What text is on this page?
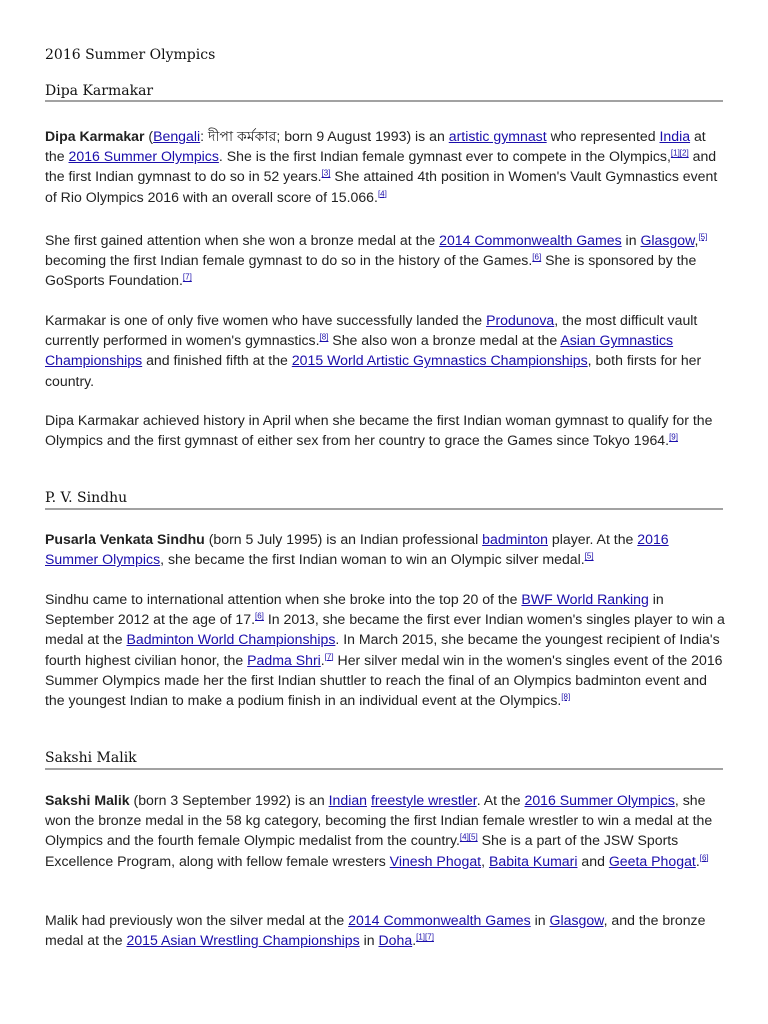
2016 Summer Olympics
Dipa Karmakar

Dipa Karmakar (Bengali: দীপা কর্মকার; born 9 August 1993) is an artistic gymnast who represented India at the 2016 Summer Olympics. She is the first Indian female gymnast ever to compete in the Olympics,[1][2] and the first Indian gymnast to do so in 52 years.[3] She attained 4th position in Women's Vault Gymnastics event of Rio Olympics 2016 with an overall score of 15.066.[4]

She first gained attention when she won a bronze medal at the 2014 Commonwealth Games in Glasgow,[5] becoming the first Indian female gymnast to do so in the history of the Games.[6] She is sponsored by the GoSports Foundation.[7]

Karmakar is one of only five women who have successfully landed the Produnova, the most difficult vault currently performed in women's gymnastics.[8] She also won a bronze medal at the Asian Gymnastics Championships and finished fifth at the 2015 World Artistic Gymnastics Championships, both firsts for her country.

Dipa Karmakar achieved history in April when she became the first Indian woman gymnast to qualify for the Olympics and the first gymnast of either sex from her country to grace the Games since Tokyo 1964.[9]

P. V. Sindhu

Pusarla Venkata Sindhu (born 5 July 1995) is an Indian professional badminton player. At the 2016 Summer Olympics, she became the first Indian woman to win an Olympic silver medal.[5]

Sindhu came to international attention when she broke into the top 20 of the BWF World Ranking in September 2012 at the age of 17.[6] In 2013, she became the first ever Indian women's singles player to win a medal at the Badminton World Championships. In March 2015, she became the youngest recipient of India's fourth highest civilian honor, the Padma Shri.[7] Her silver medal win in the women's singles event of the 2016 Summer Olympics made her the first Indian shuttler to reach the final of an Olympics badminton event and the youngest Indian to make a podium finish in an individual event at the Olympics.[8]

Sakshi Malik

Sakshi Malik (born 3 September 1992) is an Indian freestyle wrestler. At the 2016 Summer Olympics, she won the bronze medal in the 58 kg category, becoming the first Indian female wrestler to win a medal at the Olympics and the fourth female Olympic medalist from the country.[4][5] She is a part of the JSW Sports Excellence Program, along with fellow female wresters Vinesh Phogat, Babita Kumari and Geeta Phogat.[6]

Malik had previously won the silver medal at the 2014 Commonwealth Games in Glasgow, and the bronze medal at the 2015 Asian Wrestling Championships in Doha.[1][7]
